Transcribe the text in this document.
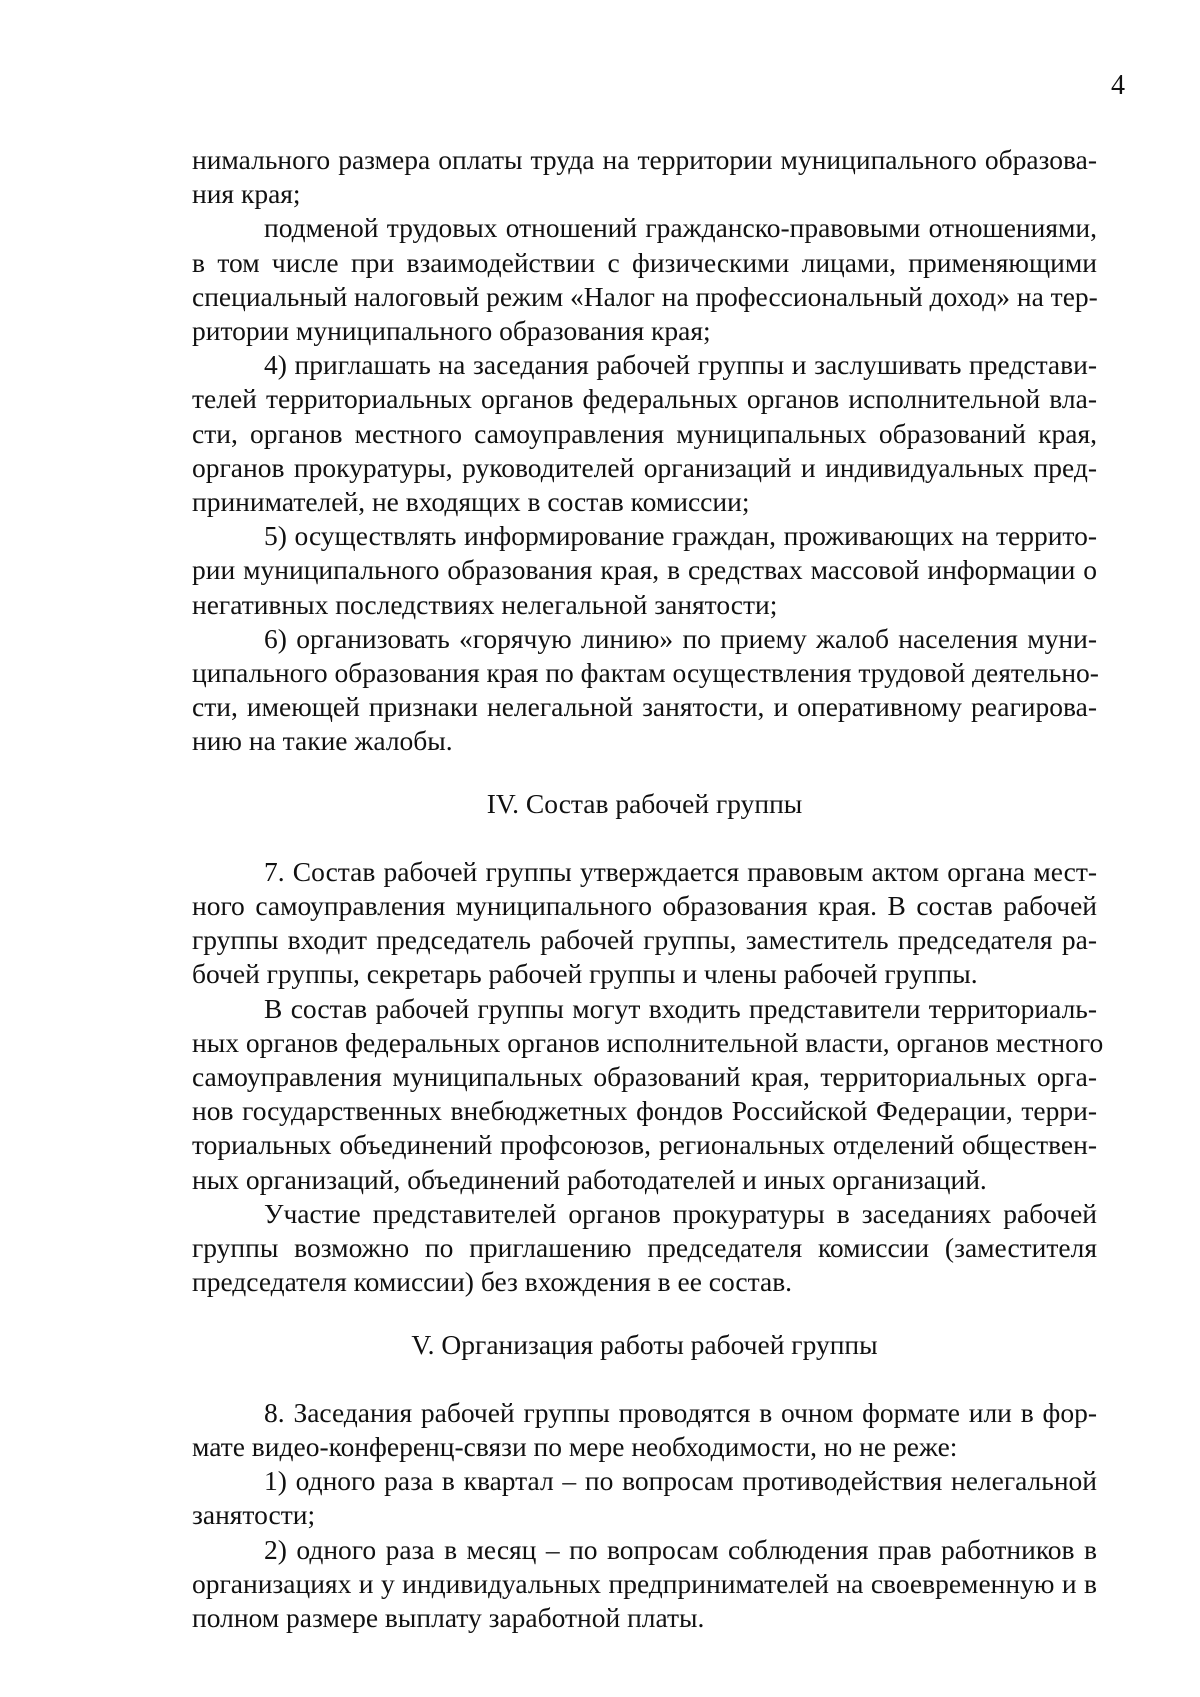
4
нимального размера оплаты труда на территории муниципального образова-
ния края;
подменой трудовых отношений гражданско-правовыми отношениями,
в том числе при взаимодействии с физическими лицами, применяющими
специальный налоговый режим «Налог на профессиональный доход» на тер-
ритории муниципального образования края;
4) приглашать на заседания рабочей группы и заслушивать представи-
телей территориальных органов федеральных органов исполнительной вла-
сти, органов местного самоуправления муниципальных образований края,
органов прокуратуры, руководителей организаций и индивидуальных пред-
принимателей, не входящих в состав комиссии;
5) осуществлять информирование граждан, проживающих на террито-
рии муниципального образования края, в средствах массовой информации о
негативных последствиях нелегальной занятости;
6) организовать «горячую линию» по приему жалоб населения муни-
ципального образования края по фактам осуществления трудовой деятельно-
сти, имеющей признаки нелегальной занятости, и оперативному реагирова-
нию на такие жалобы.
IV. Состав рабочей группы
7. Состав рабочей группы утверждается правовым актом органа мест-
ного самоуправления муниципального образования края. В состав рабочей
группы входит председатель рабочей группы, заместитель председателя ра-
бочей группы, секретарь рабочей группы и члены рабочей группы.
В состав рабочей группы могут входить представители территориаль-
ных органов федеральных органов исполнительной власти, органов местного
самоуправления муниципальных образований края, территориальных орга-
нов государственных внебюджетных фондов Российской Федерации, терри-
ториальных объединений профсоюзов, региональных отделений обществен-
ных организаций, объединений работодателей и иных организаций.
Участие представителей органов прокуратуры в заседаниях рабочей
группы возможно по приглашению председателя комиссии (заместителя
председателя комиссии) без вхождения в ее состав.
V. Организация работы рабочей группы
8. Заседания рабочей группы проводятся в очном формате или в фор-
мате видео-конференц-связи по мере необходимости, но не реже:
1) одного раза в квартал – по вопросам противодействия нелегальной
занятости;
2) одного раза в месяц – по вопросам соблюдения прав работников в
организациях и у индивидуальных предпринимателей на своевременную и в
полном размере выплату заработной платы.
